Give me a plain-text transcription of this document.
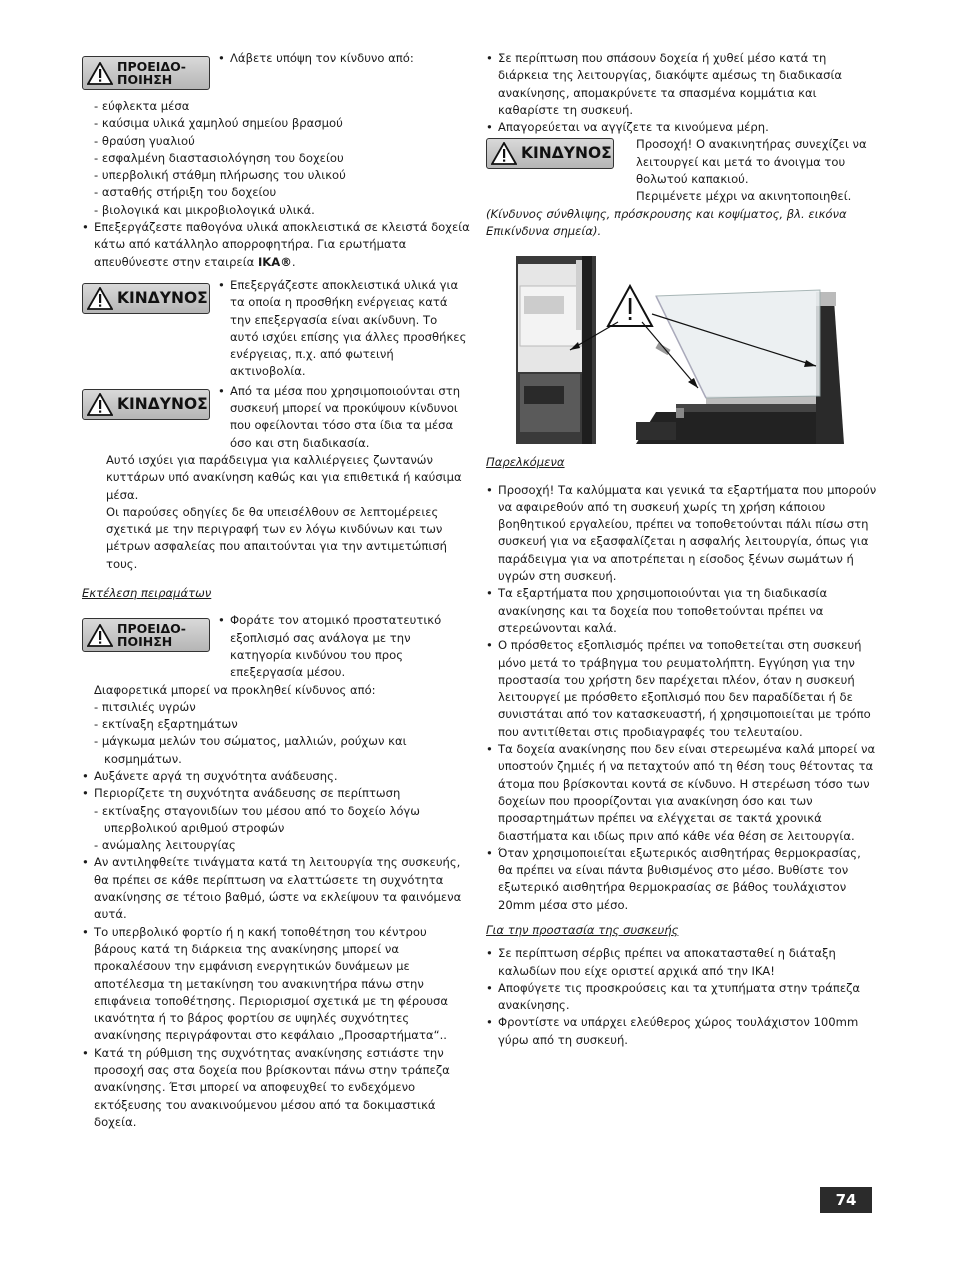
ΠΡΟΕΙΔΟ-
ΠΟΙΗΣΗ
• Λάβετε υπόψη τον κίνδυνο από:
- εύφλεκτα μέσα
- καύσιμα υλικά χαμηλού σημείου βρασμού
- θραύση γυαλιού
- εσφαλμένη διαστασιολόγηση του δοχείου
- υπερβολική στάθμη πλήρωσης του υλικού
- ασταθής στήριξη του δοχείου
- βιολογικά και μικροβιολογικά υλικά.
• Επεξεργάζεστε παθογόνα υλικά αποκλειστικά σε κλειστά δοχεία κάτω από κατάλληλο απορροφητήρα. Για ερωτήματα απευθύνεστε στην εταιρεία IKA®.
ΚΙΝΔΥΝΟΣ
• Επεξεργάζεστε αποκλειστικά υλικά για τα οποία η προσθήκη ενέργειας κατά την επεξεργασία είναι ακίνδυνη. Το αυτό ισχύει επίσης για άλλες προσθήκες ενέργειας, π.χ. από φωτεινή ακτινοβολία.
ΚΙΝΔΥΝΟΣ
• Από τα μέσα που χρησιμοποιούνται στη συσκευή μπορεί να προκύψουν κίνδυνοι που οφείλονται τόσο στα ίδια τα μέσα όσο και στη διαδικασία.

Αυτό ισχύει για παράδειγμα για καλλιέργειες ζωντανών κυττάρων υπό ανακίνηση καθώς και για επιθετικά ή καύσιμα μέσα.

Οι παρούσες οδηγίες δε θα υπεισέλθουν σε λεπτομέρειες σχετικά με την περιγραφή των εν λόγω κινδύνων και των μέτρων ασφαλείας που απαιτούνται για την αντιμετώπισή τους.

Εκτέλεση πειραμάτων

ΠΡΟΕΙΔΟ-
ΠΟΙΗΣΗ
• Φοράτε τον ατομικό προστατευτικό εξοπλισμό σας ανάλογα με την κατηγορία κινδύνου του προς επεξεργασία μέσου.

Διαφορετικά μπορεί να προκληθεί κίνδυνος από:

- πιτσιλιές υγρών
- εκτίναξη εξαρτημάτων
- μάγκωμα μελών του σώματος, μαλλιών, ρούχων και κοσμημάτων.
• Αυξάνετε αργά τη συχνότητα ανάδευσης.
• Περιορίζετε τη συχνότητα ανάδευσης σε περίπτωση
- εκτίναξης σταγονιδίων του μέσου από το δοχείο λόγω υπερβολικού αριθμού στροφών
- ανώμαλης λειτουργίας
• Αν αντιληφθείτε τινάγματα κατά τη λειτουργία της συσκευής, θα πρέπει σε κάθε περίπτωση να ελαττώσετε τη συχνότητα ανακίνησης σε τέτοιο βαθμό, ώστε να εκλείψουν τα φαινόμενα αυτά.
• Το υπερβολικό φορτίο ή η κακή τοποθέτηση του κέντρου βάρους κατά τη διάρκεια της ανακίνησης μπορεί να προκαλέσουν την εμφάνιση ενεργητικών δυνάμεων με αποτέλεσμα τη μετακίνηση του ανακινητήρα πάνω στην επιφάνεια τοποθέτησης. Περιορισμοί σχετικά με τη φέρουσα ικανότητα ή το βάρος φορτίου σε υψηλές συχνότητες ανακίνησης περιγράφονται στο κεφάλαιο „Προσαρτήματα“..
• Κατά τη ρύθμιση της συχνότητας ανακίνησης εστιάστε την προσοχή σας στα δοχεία που βρίσκονται πάνω στην τράπεζα ανακίνησης. Έτσι μπορεί να αποφευχθεί το ενδεχόμενο εκτόξευσης του ανακινούμενου μέσου από τα δοκιμαστικά δοχεία.
• Σε περίπτωση που σπάσουν δοχεία ή χυθεί μέσο κατά τη διάρκεια της λειτουργίας, διακόψτε αμέσως τη διαδικασία ανακίνησης, απομακρύνετε τα σπασμένα κομμάτια και καθαρίστε τη συσκευή.
• Απαγορεύεται να αγγίζετε τα κινούμενα μέρη.
ΚΙΝΔΥΝΟΣ Προσοχή! Ο ανακινητήρας συνεχίζει να λειτουργεί και μετά το άνοιγμα του θολωτού καπακιού.

Περιμένετε μέχρι να ακινητοποιηθεί.

(Κίνδυνος σύνθλιψης, πρόσκρουσης και κοψίματος, βλ. εικόνα Επικίνδυνα σημεία).

Παρελκόμενα

• Προσοχή! Τα καλύμματα και γενικά τα εξαρτήματα που μπορούν να αφαιρεθούν από τη συσκευή χωρίς τη χρήση κάποιου βοηθητικού εργαλείου, πρέπει να τοποθετούνται πάλι πίσω στη συσκευή για να εξασφαλίζεται η ασφαλής λειτουργία, όπως για παράδειγμα για να αποτρέπεται η είσοδος ξένων σωμάτων ή υγρών στη συσκευή.
• Τα εξαρτήματα που χρησιμοποιούνται για τη διαδικασία ανακίνησης και τα δοχεία που τοποθετούνται πρέπει να στερεώνονται καλά.
• Ο πρόσθετος εξοπλισμός πρέπει να τοποθετείται στη συσκευή μόνο μετά το τράβηγμα του ρευματολήπτη. Εγγύηση για την προστασία του χρήστη δεν παρέχεται πλέον, όταν η συσκευή λειτουργεί με πρόσθετο εξοπλισμό που δεν παραδίδεται ή δε συνιστάται από τον κατασκευαστή, ή χρησιμοποιείται με τρόπο που αντιτίθεται στις προδιαγραφές του τελευταίου.
• Τα δοχεία ανακίνησης που δεν είναι στερεωμένα καλά μπορεί να υποστούν ζημιές ή να πεταχτούν από τη θέση τους θέτοντας τα άτομα που βρίσκονται κοντά σε κίνδυνο. Η στερέωση τόσο των δοχείων που προορίζονται για ανακίνηση όσο και των προσαρτημάτων πρέπει να ελέγχεται σε τακτά χρονικά διαστήματα και ιδίως πριν από κάθε νέα θέση σε λειτουργία.
• Όταν χρησιμοποιείται εξωτερικός αισθητήρας θερμοκρασίας, θα πρέπει να είναι πάντα βυθισμένος στο μέσο. Βυθίστε τον εξωτερικό αισθητήρα θερμοκρασίας σε βάθος τουλάχιστον 20mm μέσα στο μέσο.

Για την προστασία της συσκευής

• Σε περίπτωση σέρβις πρέπει να αποκατασταθεί η διάταξη καλωδίων που είχε οριστεί αρχικά από την IKA!
• Αποφύγετε τις προσκρούσεις και τα χτυπήματα στην τράπεζα ανακίνησης.
• Φροντίστε να υπάρχει ελεύθερος χώρος τουλάχιστον 100mm γύρω από τη συσκευή.
74
